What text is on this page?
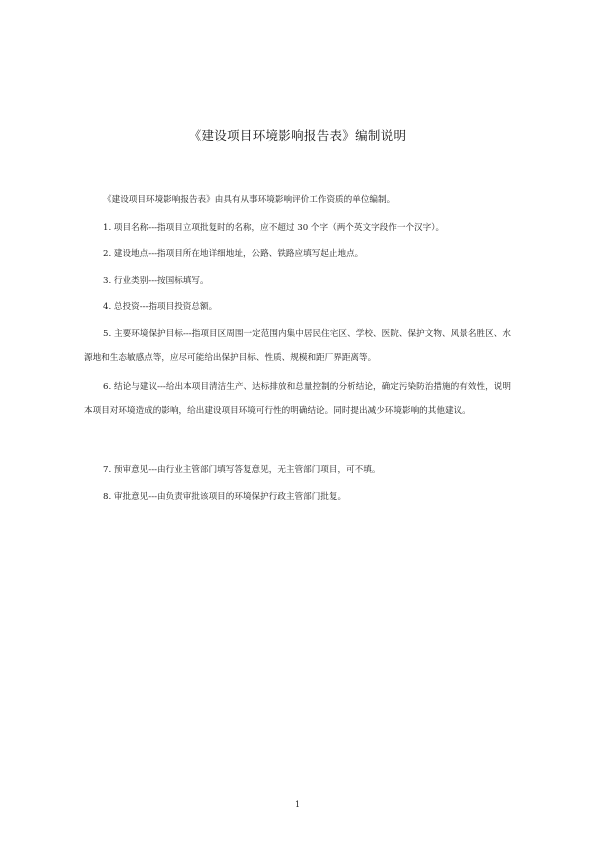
《建设项目环境影响报告表》编制说明
《建设项目环境影响报告表》由具有从事环境影响评价工作资质的单位编制。
1. 项目名称---指项目立项批复时的名称，应不超过 30 个字（两个英文字段作一个汉字）。
2. 建设地点---指项目所在地详细地址，公路、铁路应填写起止地点。
3. 行业类别---按国标填写。
4. 总投资---指项目投资总额。
5. 主要环境保护目标---指项目区周围一定范围内集中居民住宅区、学校、医院、保护文物、风景名胜区、水源地和生态敏感点等，应尽可能给出保护目标、性质、规模和距厂界距离等。
6. 结论与建议---给出本项目清洁生产、达标排放和总量控制的分析结论，确定污染防治措施的有效性，说明本项目对环境造成的影响，给出建设项目环境可行性的明确结论。同时提出减少环境影响的其他建议。
7. 预审意见---由行业主管部门填写答复意见，无主管部门项目，可不填。
8. 审批意见---由负责审批该项目的环境保护行政主管部门批复。
1
